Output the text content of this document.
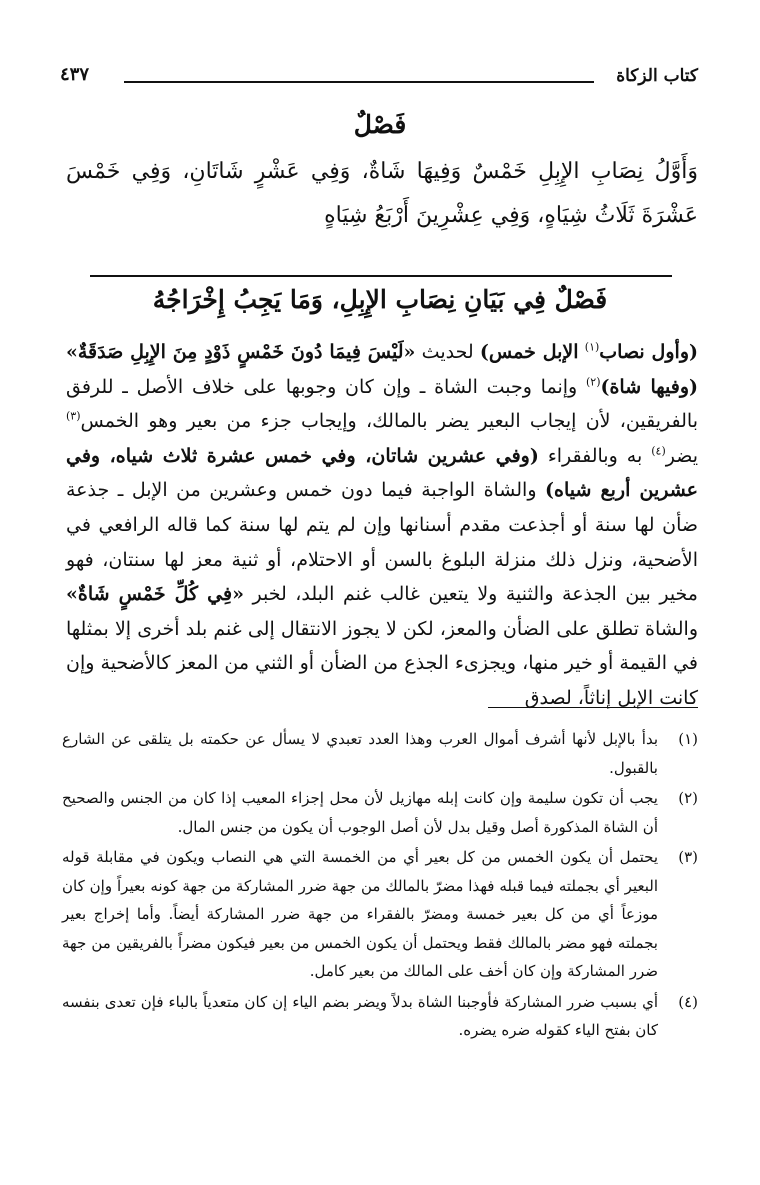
كتاب الزكاة
٤٣٧
فَصْلٌ
وَأَوَّلُ نِصَابِ الإِبِلِ خَمْسٌ وَفِيهَا شَاةٌ، وَفِي عَشْرٍ شَاتَانِ، وَفِي خَمْسَ عَشْرَةَ ثَلَاثُ شِيَاهٍ، وَفِي عِشْرِينَ أَرْبَعُ شِيَاهٍ
فَصْلٌ فِي بَيَانِ نِصَابِ الإِبِلِ، وَمَا يَجِبُ إِخْرَاجُهُ

(وأول نصاب$^{(١)}$ الإبل خمس) لحديث «لَيْسَ فِيمَا دُونَ خَمْسٍ ذَوْدٍ مِنَ الإِبِلِ صَدَقَةٌ» (وفيها شاة)$^{(٢)}$ وإنما وجبت الشاة ـ وإن كان وجوبها على خلاف الأصل ـ للرفق بالفريقين، لأن إيجاب البعير يضر بالمالك، وإيجاب جزء من بعير وهو الخمس$^{(٣)}$ يضر$^{(٤)}$ به وبالفقراء (وفي عشرين شاتان، وفي خمس عشرة ثلاث شياه، وفي عشرين أربع شياه) والشاة الواجبة فيما دون خمس وعشرين من الإبل ـ جذعة ضأن لها سنة أو أجذعت مقدم أسنانها وإن لم يتم لها سنة كما قاله الرافعي في الأضحية، ونزل ذلك منزلة البلوغ بالسن أو الاحتلام، أو ثنية معز لها سنتان، فهو مخير بين الجذعة والثنية ولا يتعين غالب غنم البلد، لخبر «فِي كُلِّ خَمْسٍ شَاةٌ» والشاة تطلق على الضأن والمعز، لكن لا يجوز الانتقال إلى غنم بلد أخرى إلا بمثلها في القيمة أو خير منها، ويجزىء الجذع من الضأن أو الثني من المعز كالأضحية وإن كانت الإبل إناثاً، لصدق

(١)
بدأ بالإبل لأنها أشرف أموال العرب وهذا العدد تعبدي لا يسأل عن حكمته بل يتلقى عن الشارع بالقبول.
(٢)
يجب أن تكون سليمة وإن كانت إبله مهازيل لأن محل إجزاء المعيب إذا كان من الجنس والصحيح أن الشاة المذكورة أصل وقيل بدل لأن أصل الوجوب أن يكون من جنس المال.
(٣)
يحتمل أن يكون الخمس من كل بعير أي من الخمسة التي هي النصاب ويكون في مقابلة قوله البعير أي بجملته فيما قبله فهذا مضرّ بالمالك من جهة ضرر المشاركة من جهة كونه بعيراً وإن كان موزعاً أي من كل بعير خمسة ومضرّ بالفقراء من جهة ضرر المشاركة أيضاً. وأما إخراج بعير بجملته فهو مضر بالمالك فقط ويحتمل أن يكون الخمس من بعير فيكون مضراً بالفريقين من جهة ضرر المشاركة وإن كان أخف على المالك من بعير كامل.
(٤)
أي بسبب ضرر المشاركة فأوجبنا الشاة بدلاً ويضر بضم الياء إن كان متعدياً بالباء فإن تعدى بنفسه كان بفتح الياء كقوله ضره يضره.
